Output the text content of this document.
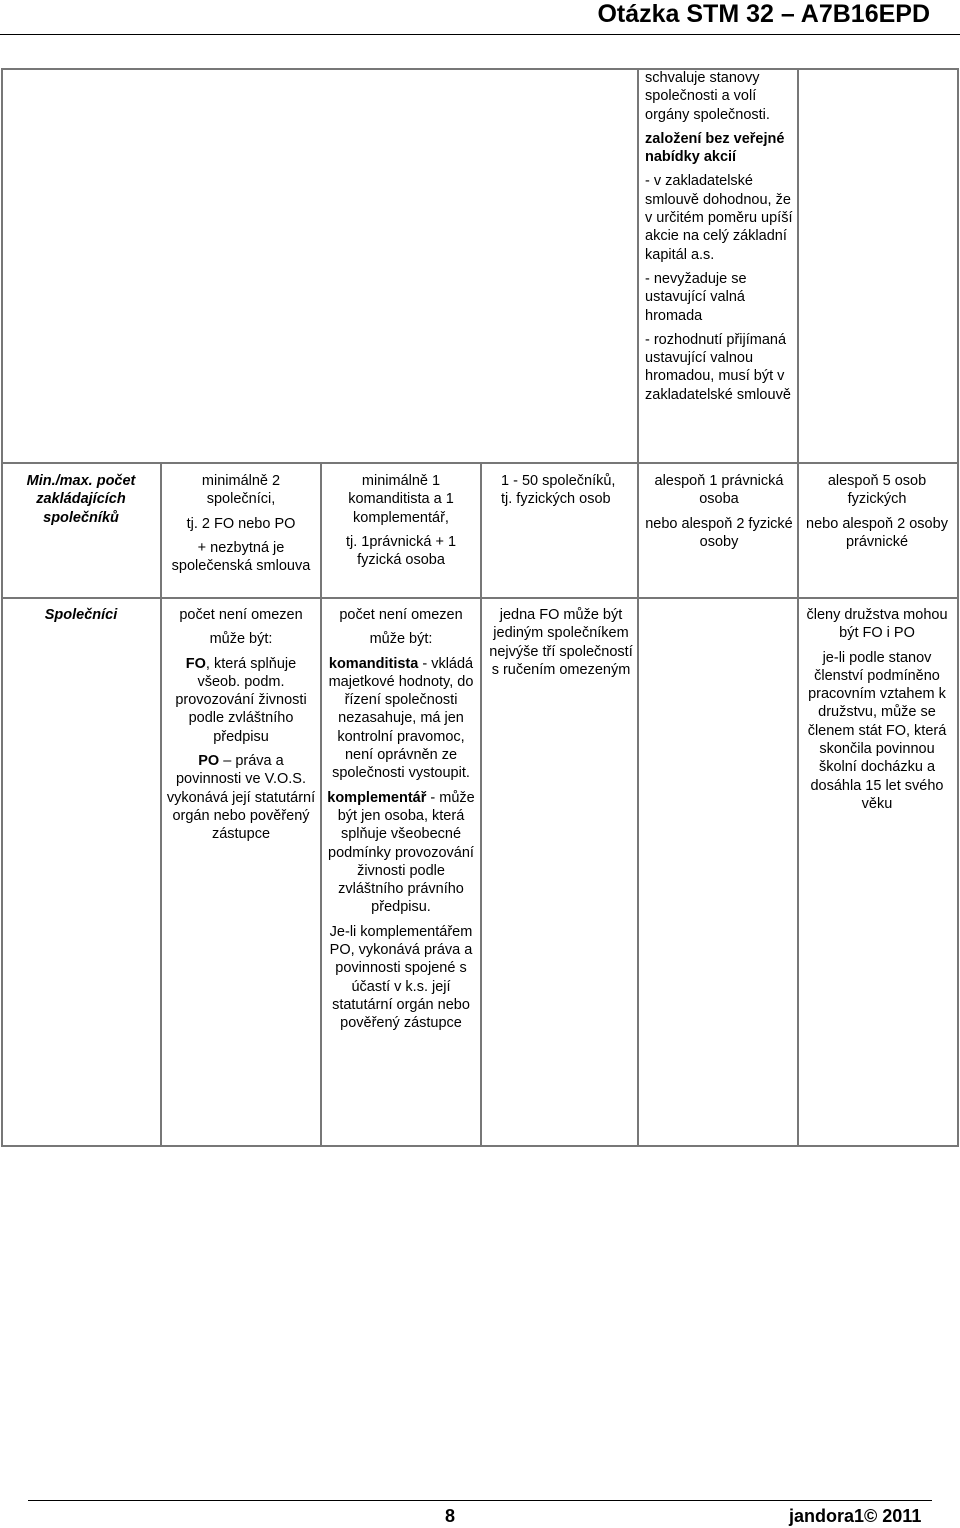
Otázka STM 32 – A7B16EPD

schvaluje stanovy společnosti a volí orgány společnosti.

založení bez veřejné nabídky akcií

- v zakladatelské smlouvě dohodnou, že v určitém poměru upíší akcie na celý základní kapitál a.s.

- nevyžaduje se ustavující valná hromada

- rozhodnutí přijímaná ustavující valnou hromadou, musí být v zakladatelské smlouvě

Min./max. počet zakládajících společníků

minimálně 2 společníci,

tj. 2 FO nebo PO

+ nezbytná je společenská smlouva

minimálně 1 komanditista a 1 komplementář,

tj. 1právnická + 1 fyzická osoba

1 - 50 společníků,

tj. fyzických osob

alespoň 1 právnická osoba

nebo alespoň 2 fyzické osoby

alespoň 5 osob fyzických

nebo alespoň 2 osoby právnické

Společníci	počet není omezen

může být:

FO, která splňuje všeob. podm. provozování živnosti podle zvláštního předpisu

PO – práva a povinnosti ve V.O.S. vykonává její statutární orgán nebo pověřený zástupce

počet není omezen

může být:

komanditista - vkládá majetkové hodnoty, do řízení společnosti nezasahuje, má jen kontrolní pravomoc, není oprávněn ze společnosti vystoupit.

komplementář - může být jen osoba, která splňuje všeobecné podmínky provozování živnosti podle zvláštního právního předpisu.

Je-li komplementářem PO, vykonává práva a povinnosti spojené s účastí v k.s. její statutární orgán nebo pověřený zástupce

jedna FO může být jediným společníkem nejvýše tří společností s ručením omezeným

členy družstva mohou být FO i PO

je-li podle stanov členství podmíněno pracovním vztahem k družstvu, může se členem stát FO, která skončila povinnou školní docházku a dosáhla 15 let svého věku

8	jandora1© 2011
